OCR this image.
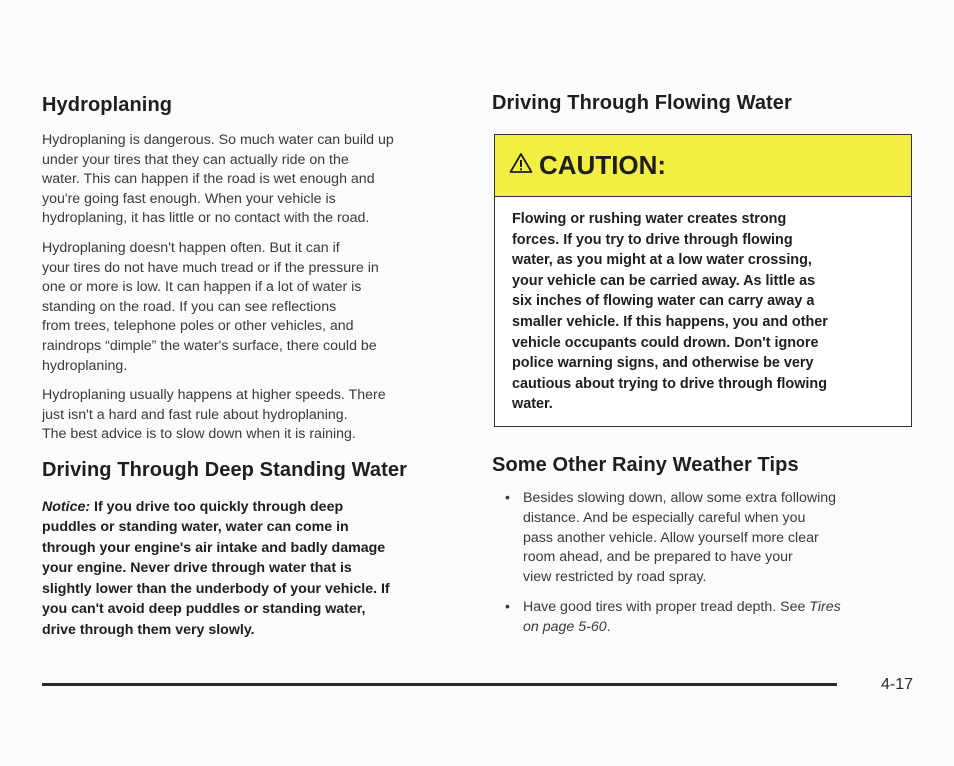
Hydroplaning

Hydroplaning is dangerous. So much water can build up
under your tires that they can actually ride on the
water. This can happen if the road is wet enough and
you're going fast enough. When your vehicle is
hydroplaning, it has little or no contact with the road.

Hydroplaning doesn't happen often. But it can if
your tires do not have much tread or if the pressure in
one or more is low. It can happen if a lot of water is
standing on the road. If you can see reflections
from trees, telephone poles or other vehicles, and
raindrops “dimple” the water's surface, there could be
hydroplaning.

Hydroplaning usually happens at higher speeds. There
just isn't a hard and fast rule about hydroplaning.
The best advice is to slow down when it is raining.

Driving Through Deep Standing Water
Notice: If you drive too quickly through deep
puddles or standing water, water can come in
through your engine's air intake and badly damage
your engine. Never drive through water that is
slightly lower than the underbody of your vehicle. If
you can't avoid deep puddles or standing water,
drive through them very slowly.
Driving Through Flowing Water
CAUTION:
Flowing or rushing water creates strong
forces. If you try to drive through flowing
water, as you might at a low water crossing,
your vehicle can be carried away. As little as
six inches of flowing water can carry away a
smaller vehicle. If this happens, you and other
vehicle occupants could drown. Don't ignore
police warning signs, and otherwise be very
cautious about trying to drive through flowing
water.
Some Other Rainy Weather Tips
• Besides slowing down, allow some extra following
distance. And be especially careful when you
pass another vehicle. Allow yourself more clear
room ahead, and be prepared to have your
view restricted by road spray.
• Have good tires with proper tread depth. See Tires
on page 5-60.
4-17
